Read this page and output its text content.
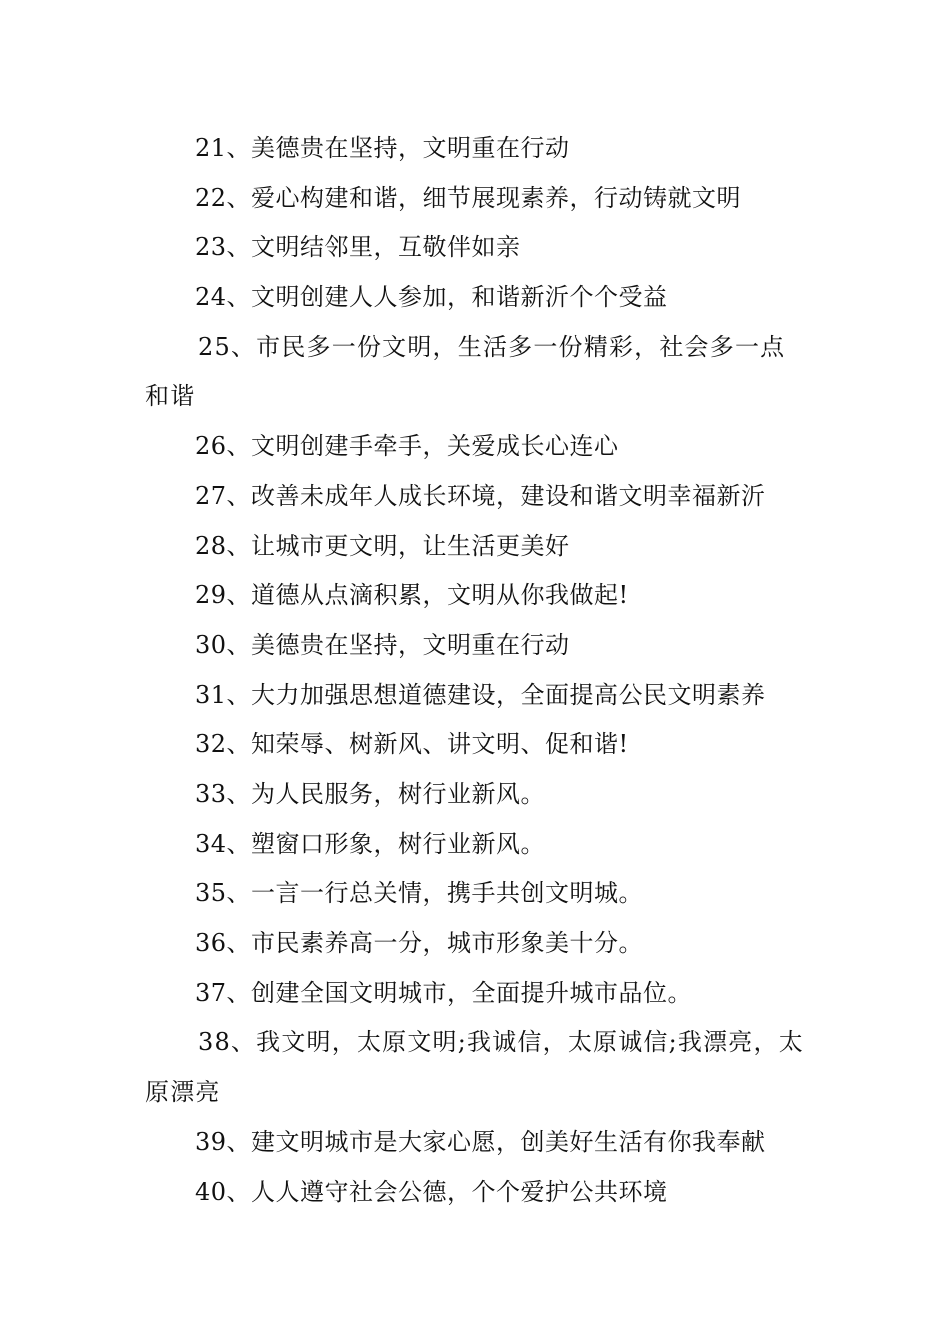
21、美德贵在坚持，文明重在行动
22、爱心构建和谐，细节展现素养，行动铸就文明
23、文明结邻里，互敬伴如亲
24、文明创建人人参加，和谐新沂个个受益
25、市民多一份文明，生活多一份精彩，社会多一点和谐
26、文明创建手牵手，关爱成长心连心
27、改善未成年人成长环境，建设和谐文明幸福新沂
28、让城市更文明，让生活更美好
29、道德从点滴积累，文明从你我做起!
30、美德贵在坚持，文明重在行动
31、大力加强思想道德建设，全面提高公民文明素养
32、知荣辱、树新风、讲文明、促和谐!
33、为人民服务，树行业新风。
34、塑窗口形象，树行业新风。
35、一言一行总关情，携手共创文明城。
36、市民素养高一分，城市形象美十分。
37、创建全国文明城市，全面提升城市品位。
38、我文明，太原文明;我诚信，太原诚信;我漂亮，太原漂亮
39、建文明城市是大家心愿，创美好生活有你我奉献
40、人人遵守社会公德，个个爱护公共环境
